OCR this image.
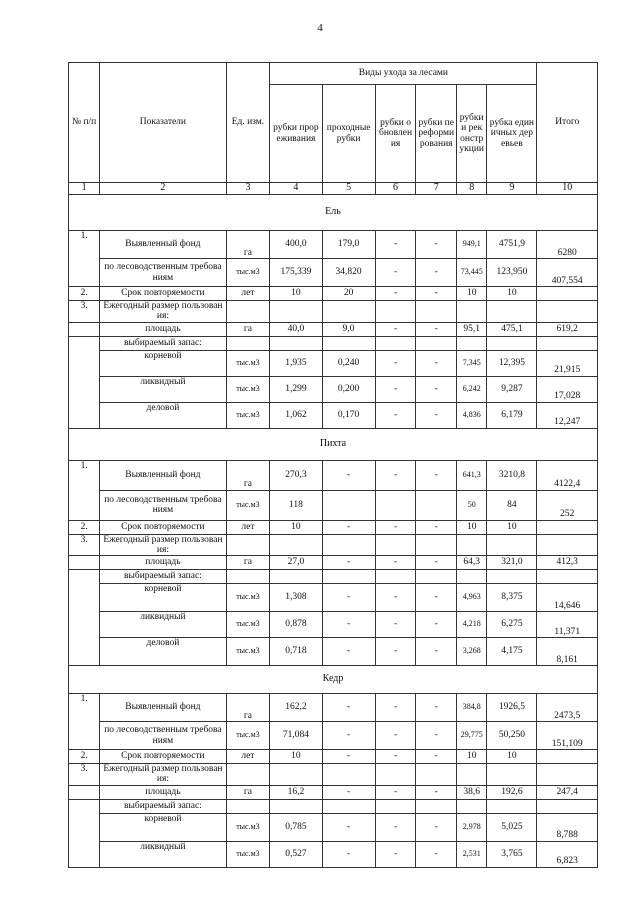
4
№ п/п	Показатели	Ед. изм.	Виды ухода за лесами						Итого
			рубки прореживания	проходные рубки	рубки обновления	рубки переформирования	рубки и реконструкции	рубка единичных деревьев	
1	2	3	4	5	6	7	8	9	10
Ель									
1.	Выявленный фонд	га	400,0	179,0	-	-	949,1	4751,9	6280
	по лесоводственным требованиям	тыс.м3	175,339	34,820	-	-	73,445	123,950	407,554
2.	Срок повторяемости	лет	10	20	-	-	10	10	
3.	Ежегодный размер пользования:								
	площадь	га	40,0	9,0	-	-	95,1	475,1	619,2
	выбираемый запас:								
	корневой	тыс.м3	1,935	0,240	-	-	7,345	12,395	21,915
	ликвидный	тыс.м3	1,299	0,200	-	-	6,242	9,287	17,028
	деловой	тыс.м3	1,062	0,170	-	-	4,836	6,179	12,247
Пихта									
1.	Выявленный фонд	га	270,3	-	-	-	641,3	3210,8	4122,4
	по лесоводственным требованиям	тыс.м3	118				50	84	252
2.	Срок повторяемости	лет	10	-	-	-	10	10	
3.	Ежегодный размер пользования:								
	площадь	га	27,0	-	-	-	64,3	321,0	412,3
	выбираемый запас:								
	корневой	тыс.м3	1,308	-	-	-	4,963	8,375	14,646
	ликвидный	тыс.м3	0,878	-	-	-	4,218	6,275	11,371
	деловой	тыс.м3	0,718	-	-	-	3,268	4,175	8,161
Кедр									
1.	Выявленный фонд	га	162,2	-	-	-	384,8	1926,5	2473,5
	по лесоводственным требованиям	тыс.м3	71,084	-	-	-	29,775	50,250	151,109
2.	Срок повторяемости	лет	10	-	-	-	10	10	
3.	Ежегодный размер пользования:								
	площадь	га	16,2	-	-	-	38,6	192,6	247,4
	выбираемый запас:								
	корневой	тыс.м3	0,785	-	-	-	2,978	5,025	8,788
	ликвидный	тыс.м3	0,527	-	-	-	2,531	3,765	6,823
